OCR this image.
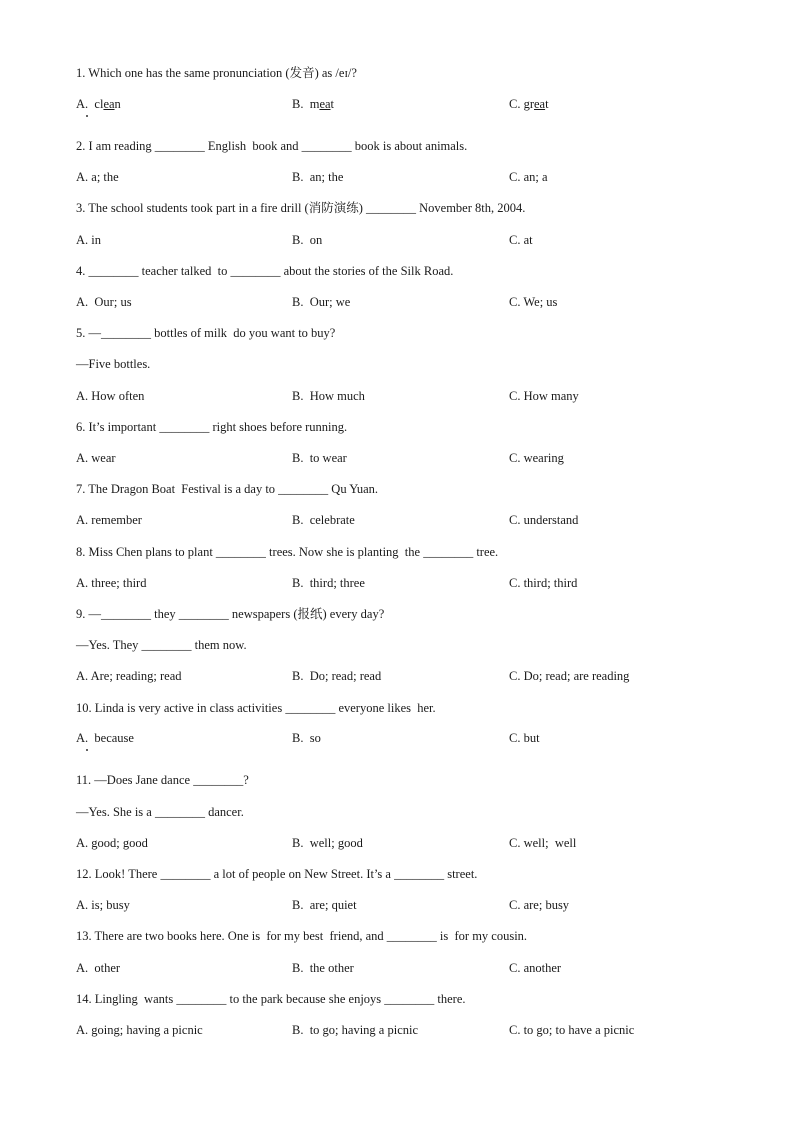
1. Which one has the same pronunciation (发音) as /eɪ/?
A.  clean	B.  meat	C. great
2. I am reading ________ English  book and ________ book is about animals.
A. a; the	B.  an; the	C. an; a
3. The school students took part in a fire drill (消防演练) ________ November 8th, 2004.
A. in	B.  on	C. at
4. ________ teacher talked  to ________ about the stories of the Silk Road.
A.  Our; us	B.  Our; we	C. We; us
5. —________ bottles of milk  do you want to buy?
—Five bottles.
A. How often	B.  How much	C. How many
6. It’s important ________ right shoes before running.
A. wear	B.  to wear	C. wearing
7. The Dragon Boat  Festival is a day to ________ Qu Yuan.
A. remember	B.  celebrate	C. understand
8. Miss Chen plans to plant ________ trees. Now she is planting  the ________ tree.
A. three; third	B.  third; three	C. third; third
9. —________ they ________ newspapers (报纸) every day?
—Yes. They ________ them now.
A. Are; reading; read	B.  Do; read; read	C. Do; read; are reading
10. Linda is very active in class activities ________ everyone likes  her.
A.  because	B.  so	C. but
11. —Does Jane dance ________?
—Yes. She is a ________ dancer.
A. good; good	B.  well; good	C. well;  well
12. Look! There ________ a lot of people on New Street. It’s a ________ street.
A. is; busy	B.  are; quiet	C. are; busy
13. There are two books here. One is  for my best  friend, and ________ is  for my cousin.
A.  other	B.  the other	C. another
14. Lingling  wants ________ to the park because she enjoys ________ there.
A. going; having a picnic	B.  to go; having a picnic	C. to go; to have a picnic
